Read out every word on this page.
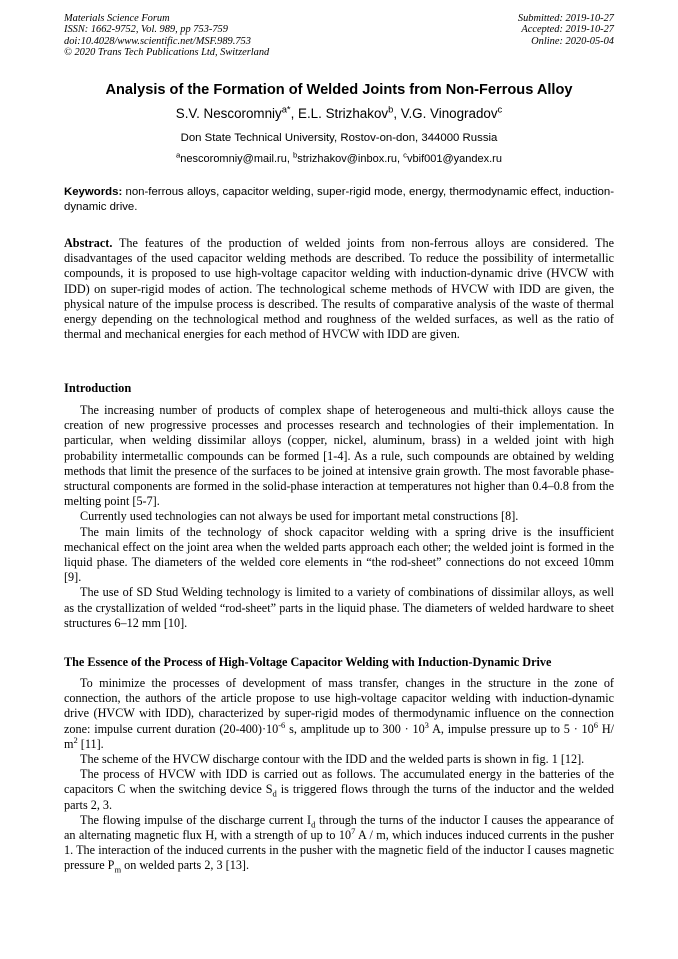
Materials Science Forum
ISSN: 1662-9752, Vol. 989, pp 753-759
doi:10.4028/www.scientific.net/MSF.989.753
© 2020 Trans Tech Publications Ltd, Switzerland
Submitted: 2019-10-27
Accepted: 2019-10-27
Online: 2020-05-04
Analysis of the Formation of Welded Joints from Non-Ferrous Alloy
S.V. Nescoromniy$^{a*}$, E.L. Strizhakov$^b$, V.G. Vinogradov$^c$
Don State Technical University, Rostov-on-don, 344000 Russia
$^a$nescoromniy@mail.ru, $^b$strizhakov@inbox.ru, $^c$vbif001@yandex.ru
Keywords: non-ferrous alloys, capacitor welding, super-rigid mode, energy, thermodynamic effect, induction-dynamic drive.

Abstract. The features of the production of welded joints from non-ferrous alloys are considered. The disadvantages of the used capacitor welding methods are described. To reduce the possibility of intermetallic compounds, it is proposed to use high-voltage capacitor welding with induction-dynamic drive (HVCW with IDD) on super-rigid modes of action. The technological scheme methods of HVCW with IDD are given, the physical nature of the impulse process is described. The results of comparative analysis of the waste of thermal energy depending on the technological method and roughness of the welded surfaces, as well as the ratio of thermal and mechanical energies for each method of HVCW with IDD are given.

Introduction

The increasing number of products of complex shape of heterogeneous and multi-thick alloys cause the creation of new progressive processes and processes research and technologies of their implementation. In particular, when welding dissimilar alloys (copper, nickel, aluminum, brass) in a welded joint with high probability intermetallic compounds can be formed [1-4]. As a rule, such compounds are obtained by welding methods that limit the presence of the surfaces to be joined at intensive grain growth. The most favorable phase-structural components are formed in the solid-phase interaction at temperatures not higher than 0.4–0.8 from the melting point [5-7].

Currently used technologies can not always be used for important metal constructions [8].

The main limits of the technology of shock capacitor welding with a spring drive is the insufficient mechanical effect on the joint area when the welded parts approach each other; the welded joint is formed in the liquid phase. The diameters of the welded core elements in “the rod-sheet” connections do not exceed 10mm [9].

The use of SD Stud Welding technology is limited to a variety of combinations of dissimilar alloys, as well as the crystallization of welded “rod-sheet” parts in the liquid phase. The diameters of welded hardware to sheet structures 6–12 mm [10].

The Essence of the Process of High-Voltage Capacitor Welding with Induction-Dynamic Drive

To minimize the processes of development of mass transfer, changes in the structure in the zone of connection, the authors of the article propose to use high-voltage capacitor welding with induction-dynamic drive (HVCW with IDD), characterized by super-rigid modes of thermodynamic influence on the connection zone: impulse current duration $(20-400)\cdot 10^{-6}$ s, amplitude up to $300 \cdot 10^3$ A, impulse pressure up to $5 \cdot 10^6$ H/ $m^2$ [11].

The scheme of the HVCW discharge contour with the IDD and the welded parts is shown in fig. 1 [12].

The process of HVCW with IDD is carried out as follows. The accumulated energy in the batteries of the capacitors C when the switching device $S_d$ is triggered flows through the turns of the inductor and the welded parts 2, 3.

The flowing impulse of the discharge current $I_d$ through the turns of the inductor I causes the appearance of an alternating magnetic flux H, with a strength of up to $10^7$ A / m, which induces induced currents in the pusher 1. The interaction of the induced currents in the pusher with the magnetic field of the inductor I causes magnetic pressure $P_m$ on welded parts 2, 3 [13].
